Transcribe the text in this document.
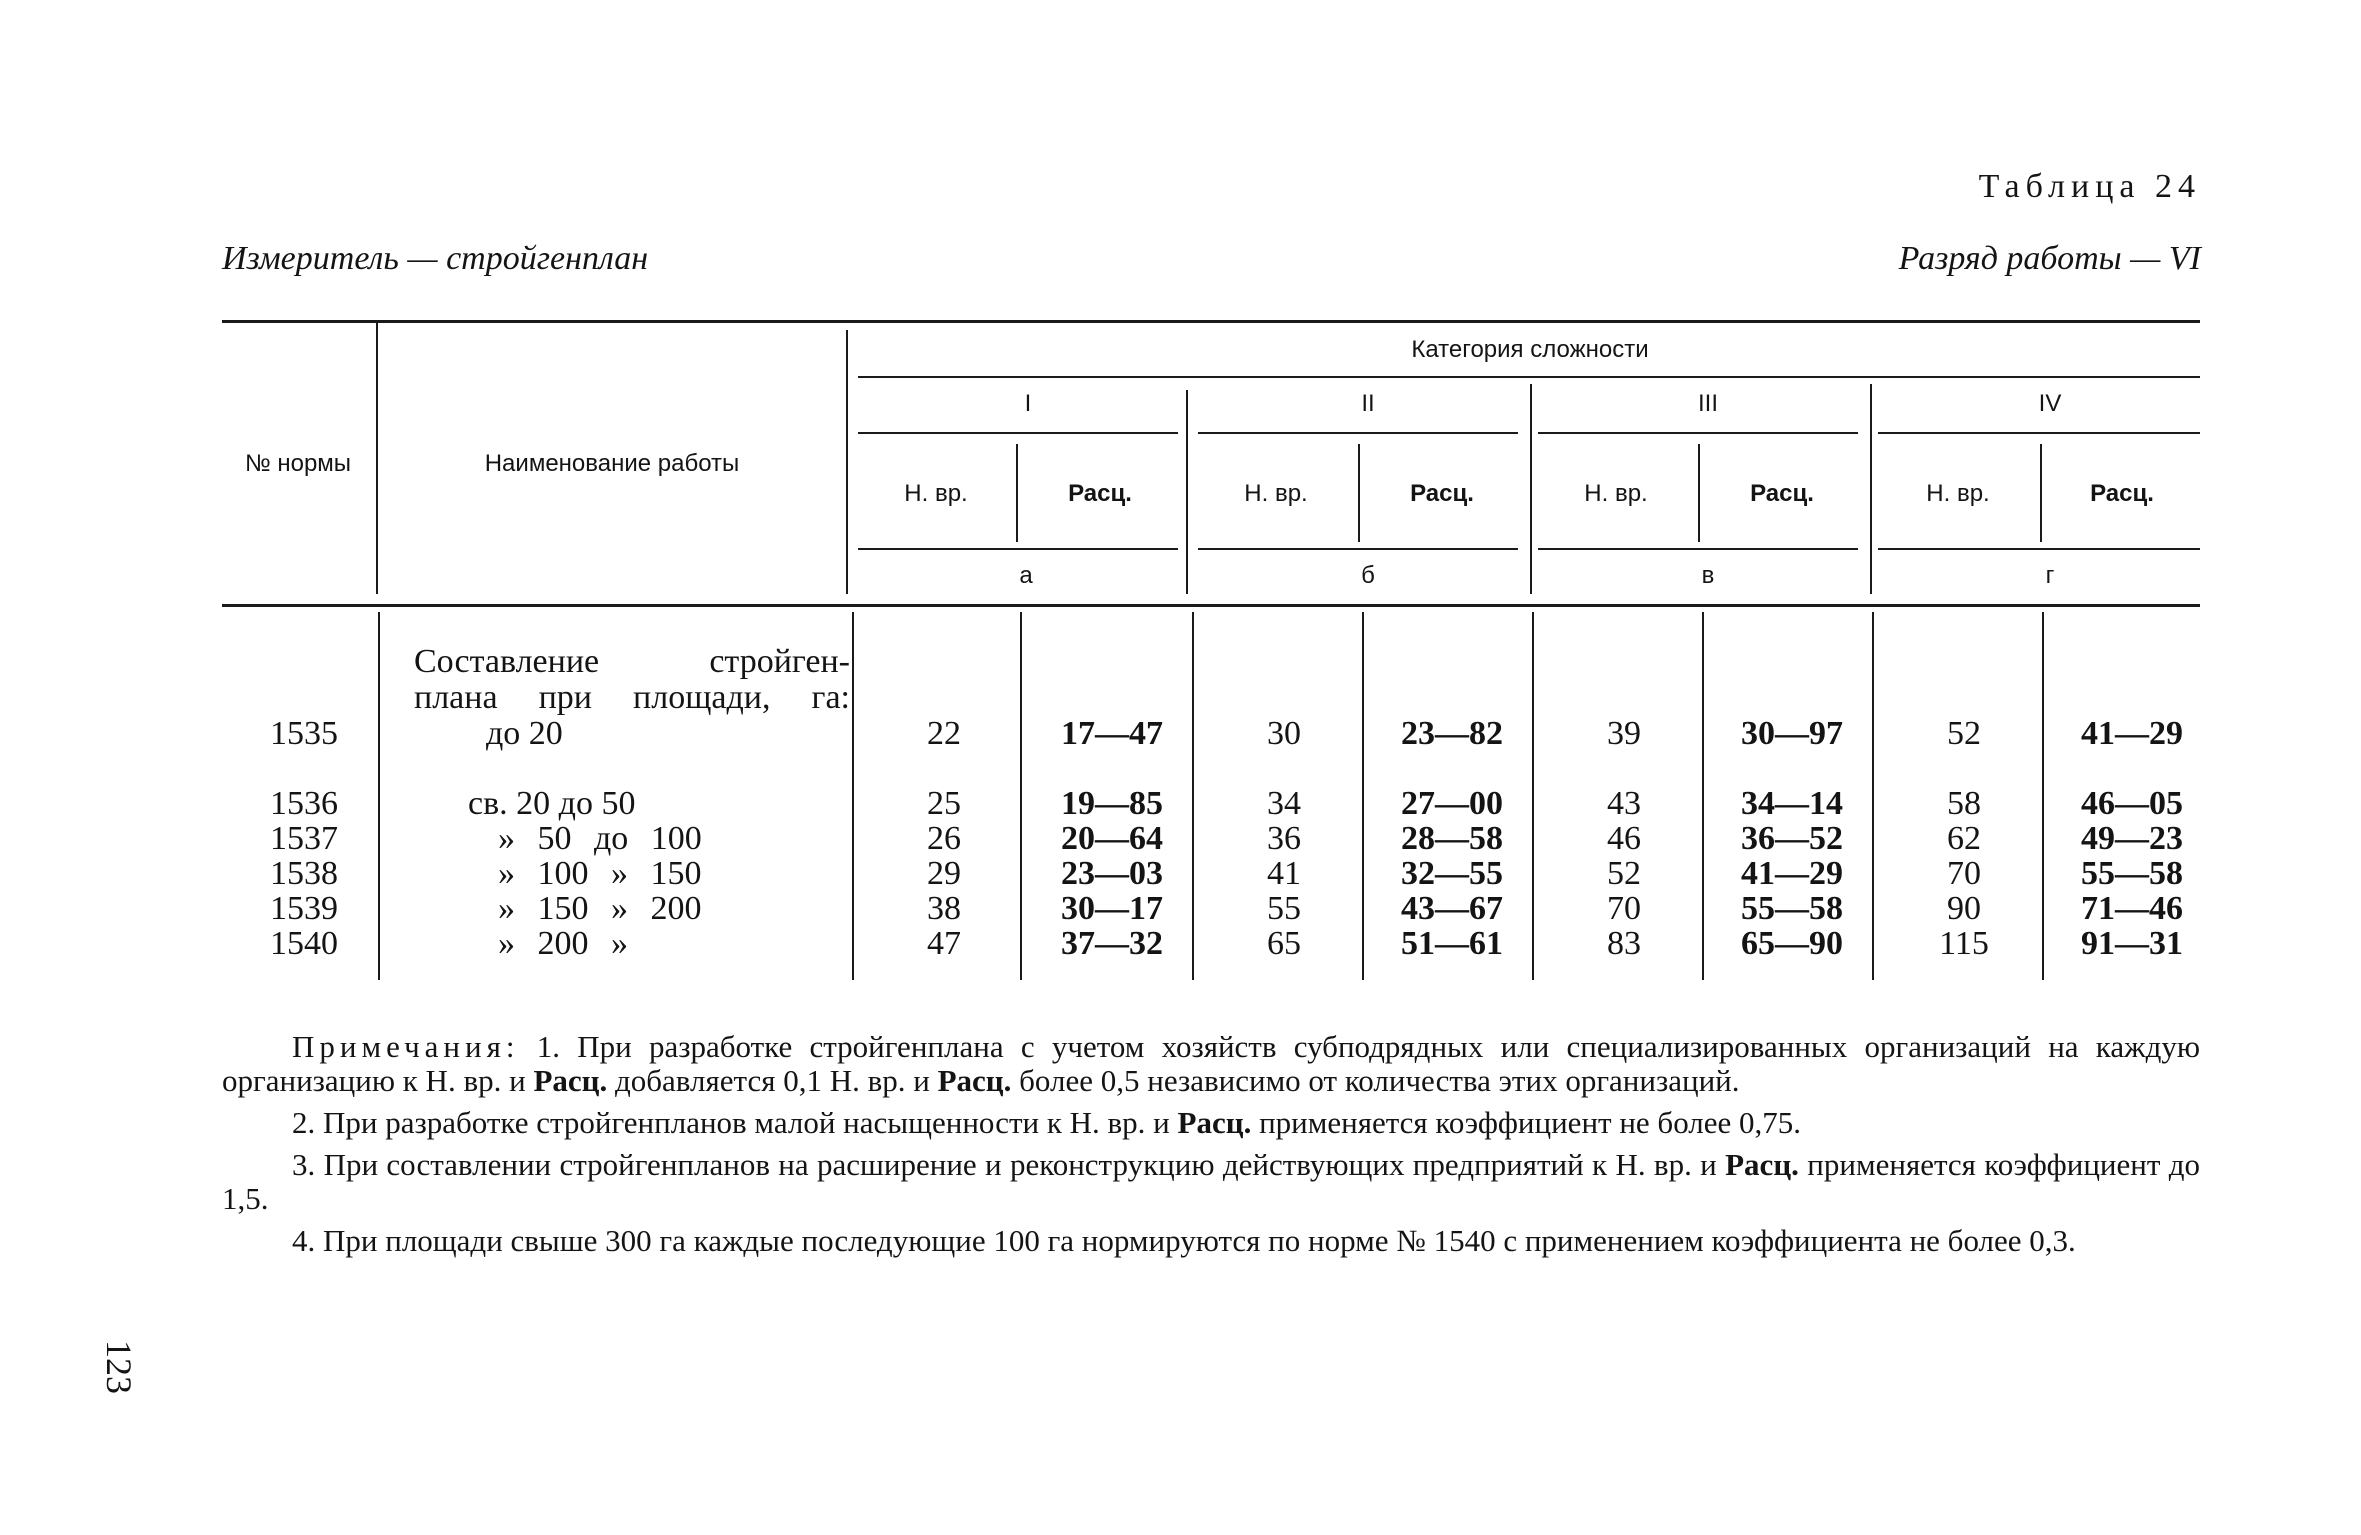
Таблица 24
Измеритель — стройгенплан	Разряд работы — VI
№ нормы	Наименование работы
Категория сложности
I	II	III	IV
Н. вр.	Расц.	Н. вр.	Расц.	Н. вр.	Расц.	Н. вр.	Расц.
а	б	в	г
Составление стройген-
плана при площади, га:
1535	до 20	22	17—47	30	23—82	39	30—97	52	41—29
1536	св. 20 до 50	25	19—85	34	27—00	43	34—14	58	46—05
1537	» 50 до 100	26	20—64	36	28—58	46	36—52	62	49—23
1538	» 100 » 150	29	23—03	41	32—55	52	41—29	70	55—58
1539	» 150 » 200	38	30—17	55	43—67	70	55—58	90	71—46
1540	» 200 »	47	37—32	65	51—61	83	65—90	115	91—31

Примечания: 1. При разработке стройгенплана с учетом хозяйств субподрядных или специализированных организаций на каждую организацию к Н. вр. и Расц. добавляется 0,1 Н. вр. и Расц. более 0,5 независимо от количества этих организаций.

2. При разработке стройгенпланов малой насыщенности к Н. вр. и Расц. применяется коэффициент не более 0,75.

3. При составлении стройгенпланов на расширение и реконструкцию действующих предприятий к Н. вр. и Расц. применяется коэффициент до 1,5.

4. При площади свыше 300 га каждые последующие 100 га нормируются по норме № 1540 с применением коэффициента не более 0,3.

123
